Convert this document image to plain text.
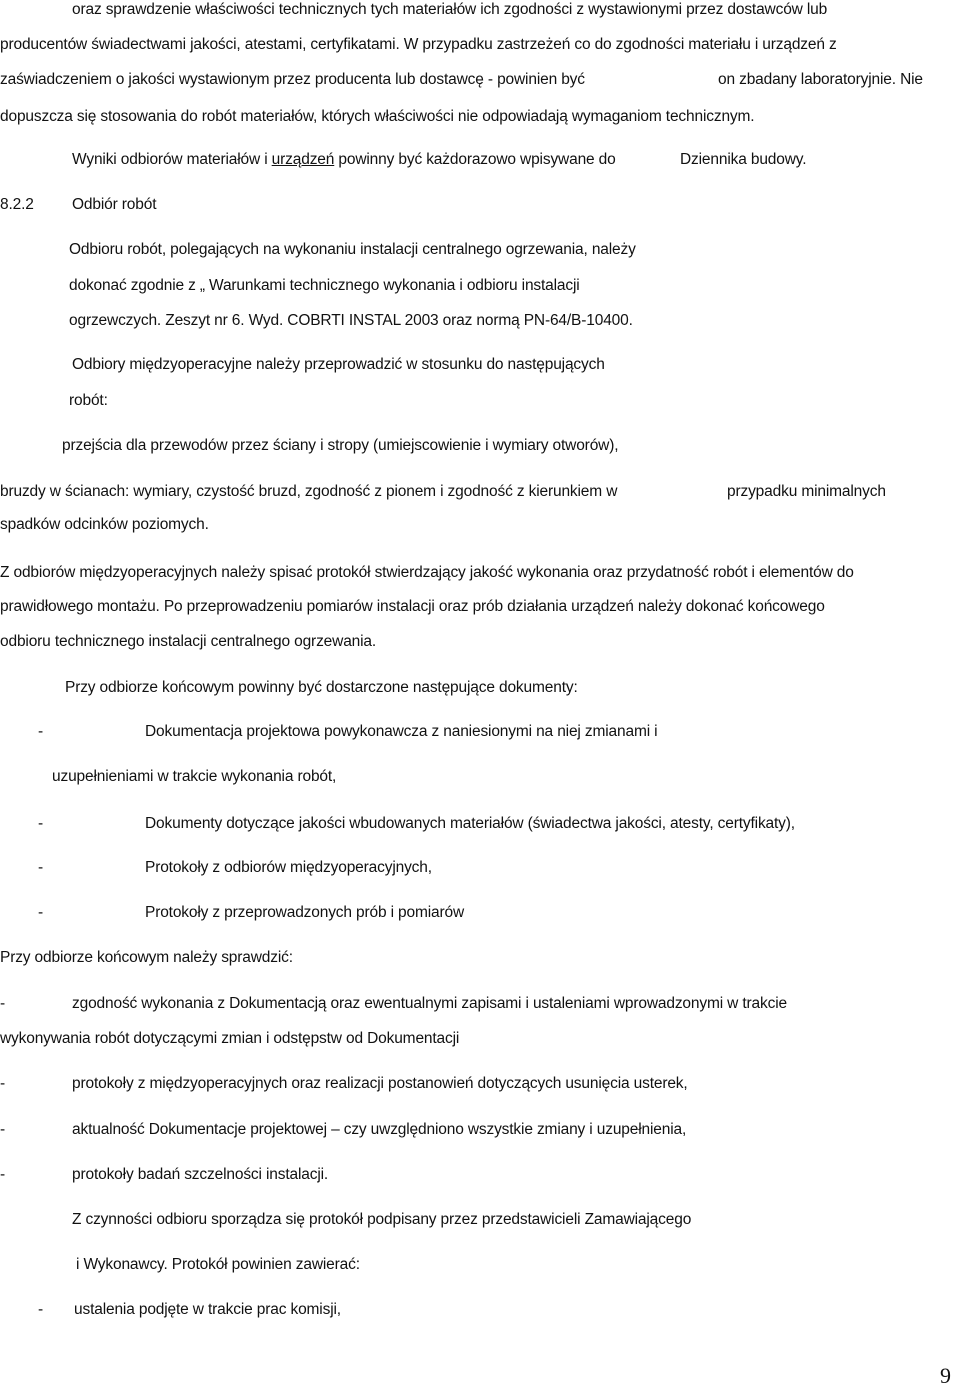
oraz sprawdzenie właściwości technicznych tych materiałów ich zgodności z wystawionymi przez dostawców lub
producentów świadectwami jakości, atestami, certyfikatami. W przypadku zastrzeżeń co do zgodności materiału i urządzeń z
zaświadczeniem o jakości wystawionym przez producenta lub dostawcę - powinien być	on zbadany laboratoryjnie. Nie
dopuszcza się stosowania do robót materiałów, których właściwości nie odpowiadają wymaganiom technicznym.
Wyniki odbiorów materiałów i urządzeń powinny być każdorazowo wpisywane do	Dziennika budowy.
8.2.2 Odbiór robót
Odbioru robót, polegających na wykonaniu instalacji centralnego ogrzewania, należy
dokonać zgodnie z „ Warunkami technicznego wykonania i odbioru instalacji
ogrzewczych. Zeszyt nr 6. Wyd. COBRTI INSTAL 2003 oraz normą PN-64/B-10400.
Odbiory międzyoperacyjne należy przeprowadzić w stosunku do następujących
robót:
przejścia dla przewodów przez ściany i stropy (umiejscowienie i wymiary otworów),
bruzdy w ścianach: wymiary, czystość bruzd, zgodność z pionem i zgodność z kierunkiem w	przypadku minimalnych
spadków odcinków poziomych.
Z odbiorów międzyoperacyjnych należy spisać protokół stwierdzający jakość wykonania oraz przydatność robót i elementów do
prawidłowego montażu. Po przeprowadzeniu pomiarów instalacji oraz prób działania urządzeń należy dokonać końcowego
odbioru technicznego instalacji centralnego ogrzewania.
Przy odbiorze końcowym powinny być dostarczone następujące dokumenty:
-	Dokumentacja projektowa powykonawcza z naniesionymi na niej zmianami i
uzupełnieniami w trakcie wykonania robót,
-	Dokumenty dotyczące jakości wbudowanych materiałów (świadectwa jakości, atesty, certyfikaty),
-	Protokoły z odbiorów międzyoperacyjnych,
-	Protokoły z przeprowadzonych prób i pomiarów
Przy odbiorze końcowym należy sprawdzić:
-	zgodność wykonania z Dokumentacją oraz ewentualnymi zapisami i ustaleniami wprowadzonymi w trakcie
wykonywania robót dotyczącymi zmian i odstępstw od Dokumentacji
-	protokoły z międzyoperacyjnych oraz realizacji postanowień dotyczących usunięcia usterek,
-	aktualność Dokumentacje projektowej – czy uwzględniono wszystkie zmiany i uzupełnienia,
-	protokoły badań szczelności instalacji.
Z czynności odbioru sporządza się protokół podpisany przez przedstawicieli Zamawiającego
i Wykonawcy. Protokół powinien zawierać:
- ustalenia podjęte w trakcie prac komisji,
9
